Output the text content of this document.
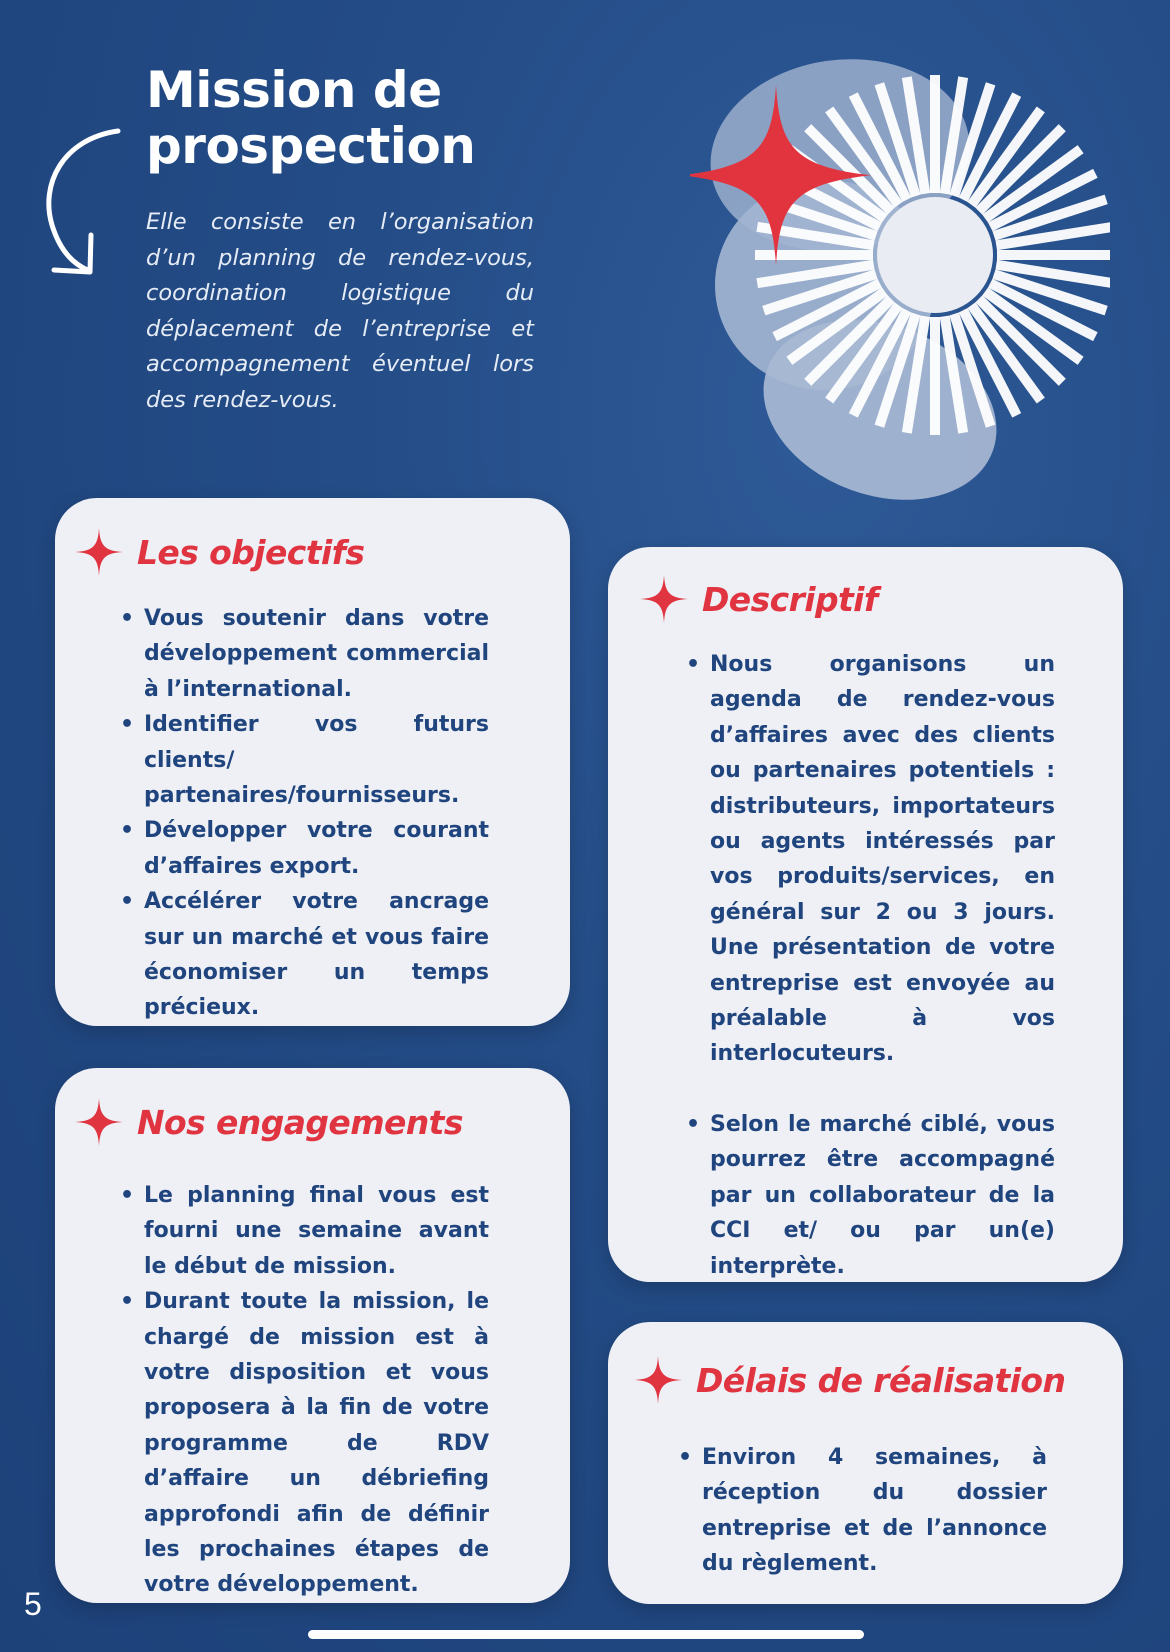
Mission de prospection

Elle consiste en l’organisation d’un planning de rendez-vous, coordination logistique du déplacement de l’entreprise et accompagnement éventuel lors des rendez-vous.

Les objectifs
• Vous soutenir dans votre développement commercial à l’international.
• Identifier vos futurs clients/ partenaires/fournisseurs.
• Développer votre courant d’affaires export.
• Accélérer votre ancrage sur un marché et vous faire économiser un temps précieux.
Nos engagements
• Le planning final vous est fourni une semaine avant le début de mission.
• Durant toute la mission, le chargé de mission est à votre disposition et vous proposera à la fin de votre programme de RDV d’affaire un débriefing approfondi afin de définir les prochaines étapes de votre développement.
Descriptif
• Nous organisons un agenda de rendez-vous d’affaires avec des clients ou partenaires potentiels : distributeurs, importateurs ou agents intéressés par vos produits/services, en général sur 2 ou 3 jours. Une présentation de votre entreprise est envoyée au préalable à vos interlocuteurs.
• Selon le marché ciblé, vous pourrez être accompagné par un collaborateur de la CCI et/ ou par un(e) interprète.
Délais de réalisation
• Environ 4 semaines, à réception du dossier entreprise et de l’annonce du règlement.
5
